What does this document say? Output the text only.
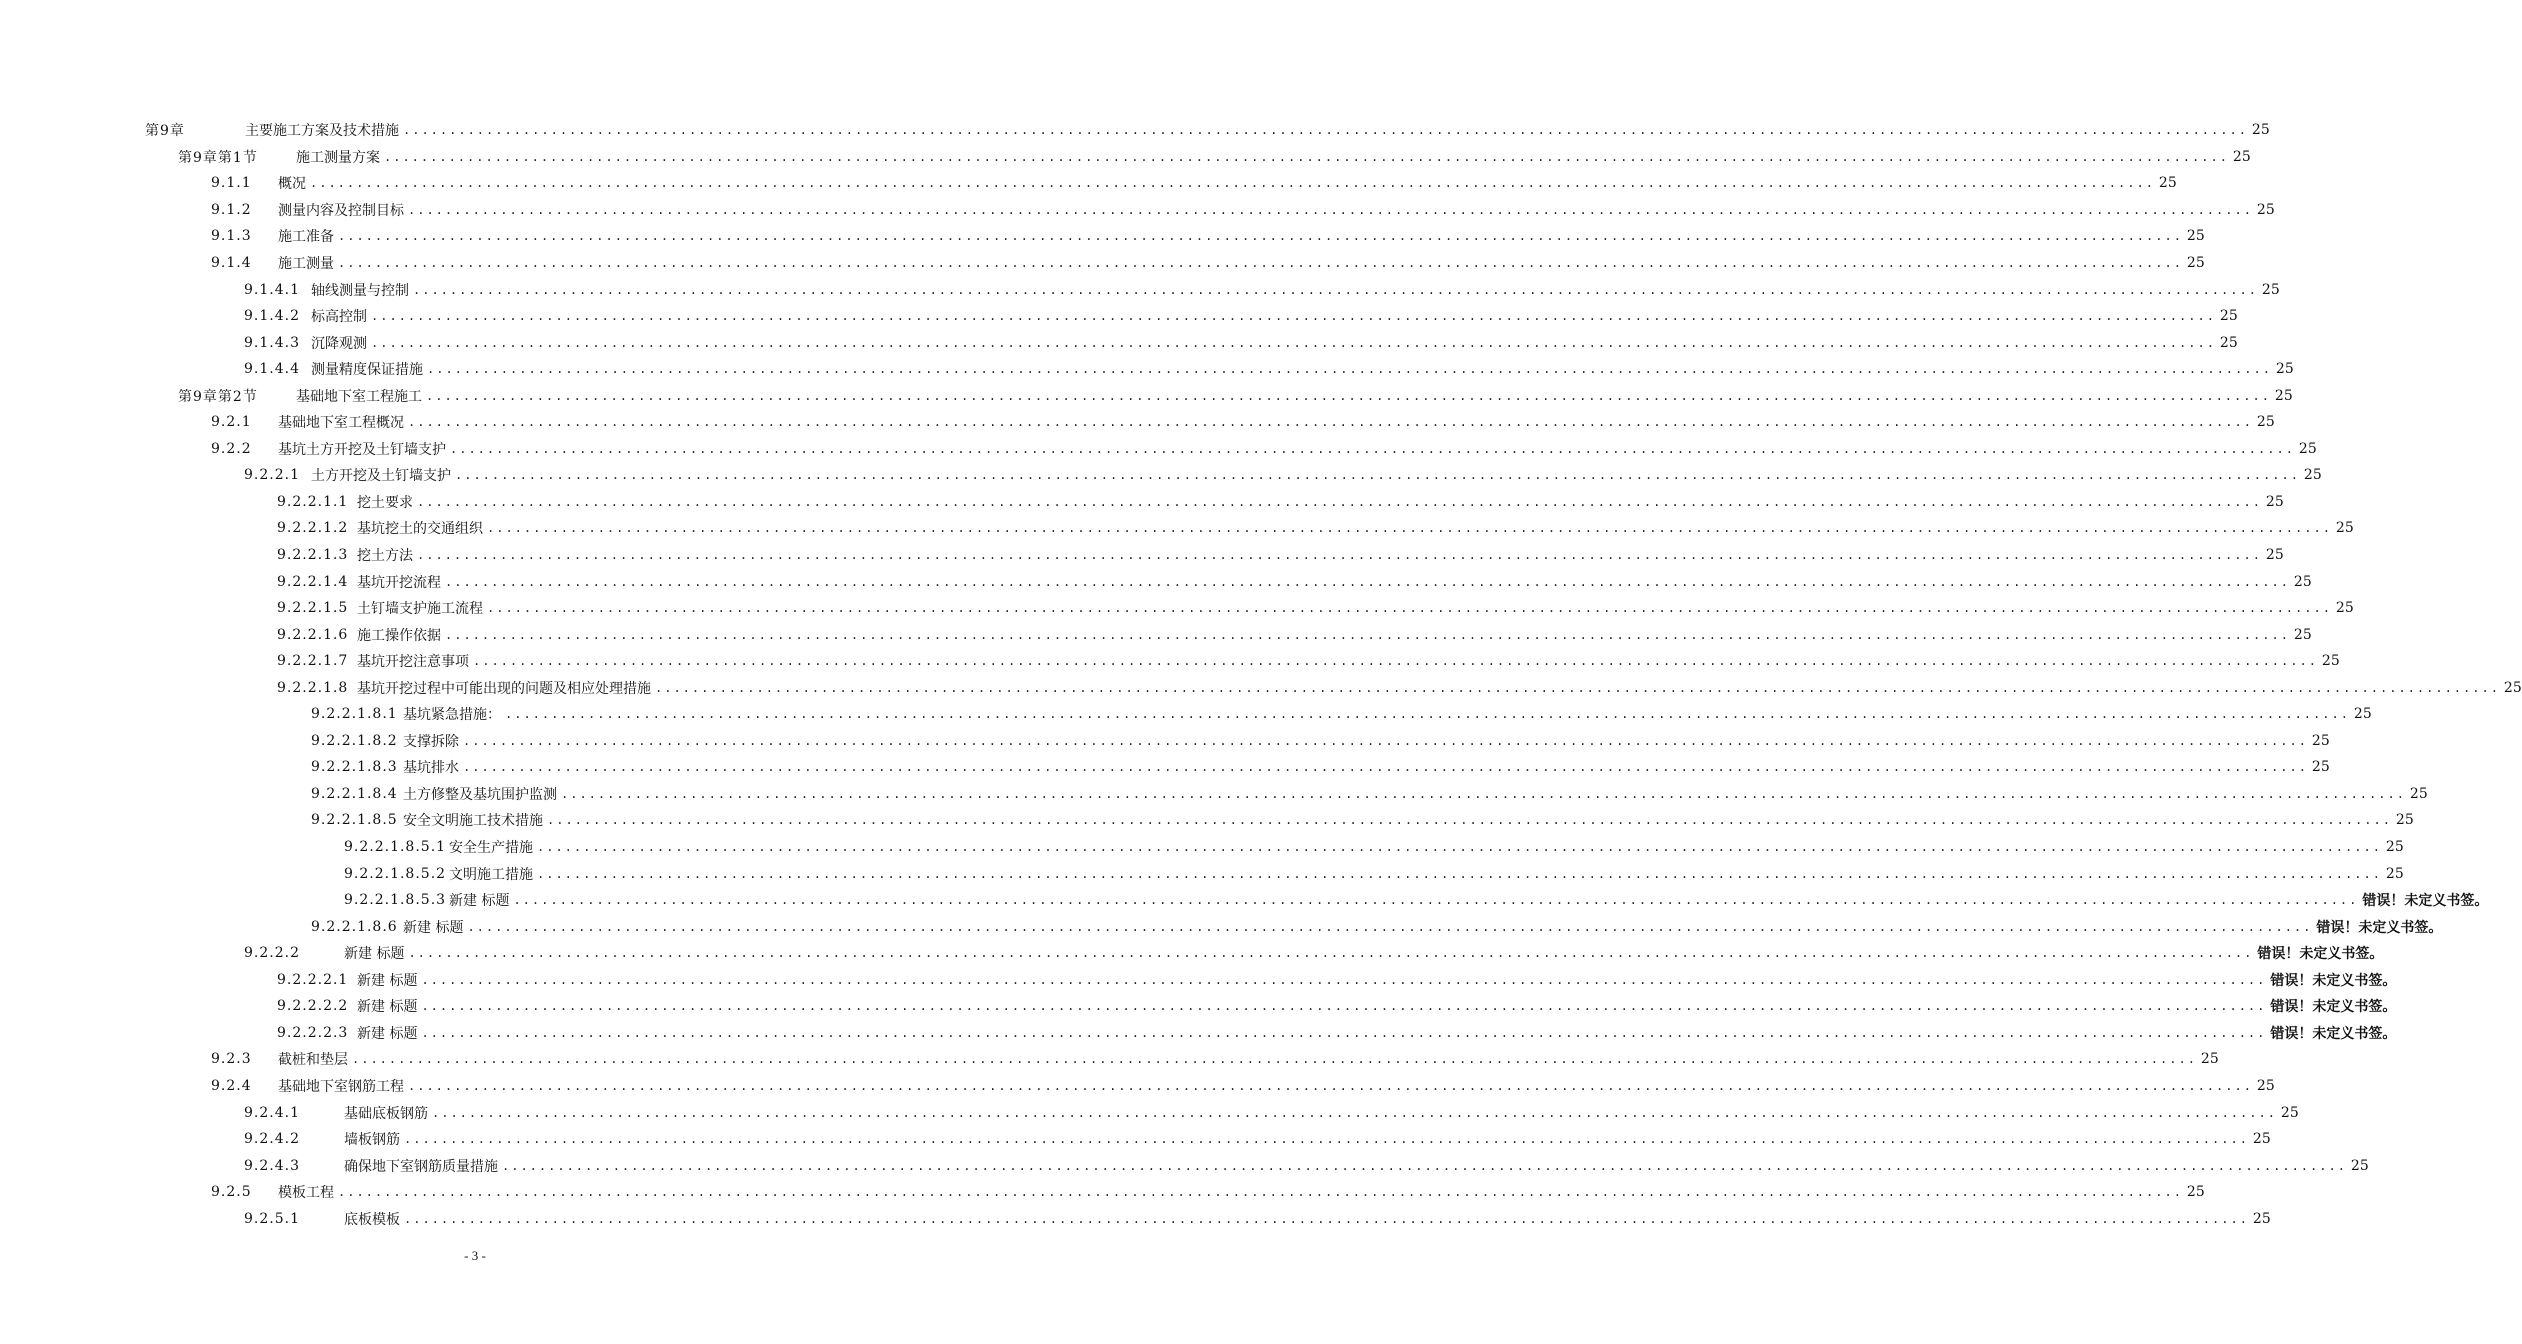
第9章	主要施工方案及技术措施 ........................................................................................................................................................................................................ 25
第9章第1节	施工测量方案 ........................................................................................................................................................................................................ 25
9.1.1	概况 ........................................................................................................................................................................................................ 25
9.1.2	测量内容及控制目标 ........................................................................................................................................................................................................ 25
9.1.3	施工准备 ........................................................................................................................................................................................................ 25
9.1.4	施工测量 ........................................................................................................................................................................................................ 25
9.1.4.1 轴线测量与控制 ........................................................................................................................................................................................................ 25
9.1.4.2 标高控制 ........................................................................................................................................................................................................ 25
9.1.4.3 沉降观测 ........................................................................................................................................................................................................ 25
9.1.4.4 测量精度保证措施 ........................................................................................................................................................................................................ 25
第9章第2节	基础地下室工程施工 ........................................................................................................................................................................................................ 25
9.2.1	基础地下室工程概况 ........................................................................................................................................................................................................ 25
9.2.2	基坑土方开挖及土钉墙支护 ........................................................................................................................................................................................................ 25
9.2.2.1 土方开挖及土钉墙支护 ........................................................................................................................................................................................................ 25
9.2.2.1.1 挖土要求 ........................................................................................................................................................................................................ 25
9.2.2.1.2 基坑挖土的交通组织 ........................................................................................................................................................................................................ 25
9.2.2.1.3 挖土方法 ........................................................................................................................................................................................................ 25
9.2.2.1.4 基坑开挖流程 ........................................................................................................................................................................................................ 25
9.2.2.1.5 土钉墙支护施工流程 ........................................................................................................................................................................................................ 25
9.2.2.1.6 施工操作依据 ........................................................................................................................................................................................................ 25
9.2.2.1.7 基坑开挖注意事项 ........................................................................................................................................................................................................ 25
9.2.2.1.8 基坑开挖过程中可能出现的问题及相应处理措施 ........................................................................................................................................................................................................ 25
9.2.2.1.8.1 基坑紧急措施： ........................................................................................................................................................................................................ 25
9.2.2.1.8.2 支撑拆除 ........................................................................................................................................................................................................ 25
9.2.2.1.8.3 基坑排水 ........................................................................................................................................................................................................ 25
9.2.2.1.8.4 土方修整及基坑围护监测 ........................................................................................................................................................................................................ 25
9.2.2.1.8.5 安全文明施工技术措施 ........................................................................................................................................................................................................ 25
9.2.2.1.8.5.1 安全生产措施 ........................................................................................................................................................................................................ 25
9.2.2.1.8.5.2 文明施工措施 ........................................................................................................................................................................................................ 25
9.2.2.1.8.5.3 新建 标题 ........................................................................................................................................................................................................ 错误！未定义书签。
9.2.2.1.8.6 新建 标题 ........................................................................................................................................................................................................ 错误！未定义书签。
9.2.2.2	新建 标题 ........................................................................................................................................................................................................ 错误！未定义书签。
9.2.2.2.1 新建 标题 ........................................................................................................................................................................................................ 错误！未定义书签。
9.2.2.2.2 新建 标题 ........................................................................................................................................................................................................ 错误！未定义书签。
9.2.2.2.3 新建 标题 ........................................................................................................................................................................................................ 错误！未定义书签。
9.2.3	截桩和垫层 ........................................................................................................................................................................................................ 25
9.2.4	基础地下室钢筋工程 ........................................................................................................................................................................................................ 25
9.2.4.1	基础底板钢筋 ........................................................................................................................................................................................................ 25
9.2.4.2	墙板钢筋 ........................................................................................................................................................................................................ 25
9.2.4.3	确保地下室钢筋质量措施 ........................................................................................................................................................................................................ 25
9.2.5	模板工程 ........................................................................................................................................................................................................ 25
9.2.5.1	底板模板 ........................................................................................................................................................................................................ 25
- 3 -
